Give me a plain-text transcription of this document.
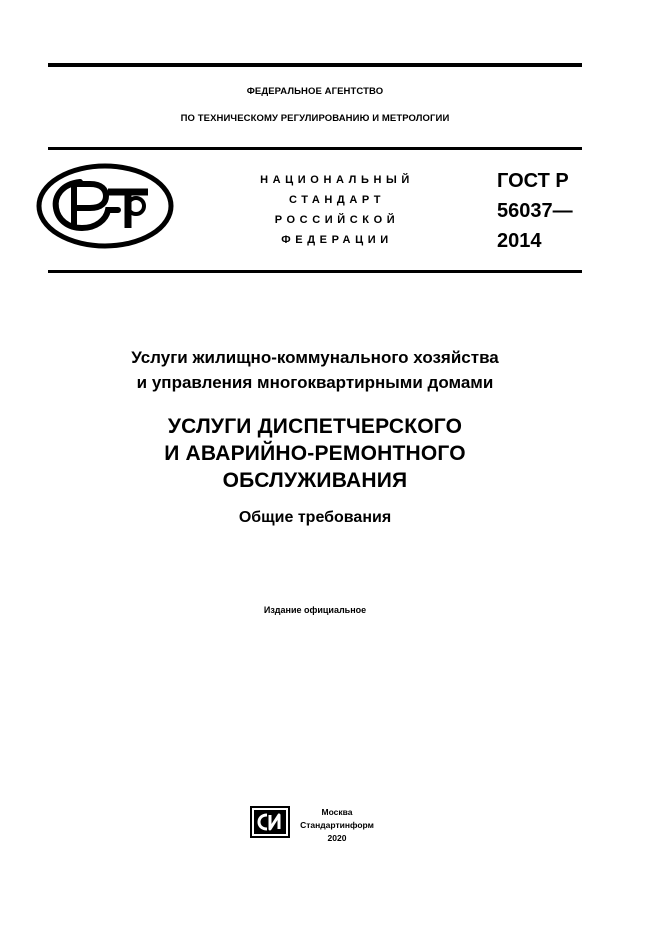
ФЕДЕРАЛЬНОЕ АГЕНТСТВО
ПО ТЕХНИЧЕСКОМУ РЕГУЛИРОВАНИЮ И МЕТРОЛОГИИ
НАЦИОНАЛЬНЫЙ
СТАНДАРТ
РОССИЙСКОЙ
ФЕДЕРАЦИИ
ГОСТ Р
56037—
2014
Услуги жилищно-коммунального хозяйства
и управления многоквартирными домами
УСЛУГИ ДИСПЕТЧЕРСКОГО
И АВАРИЙНО-РЕМОНТНОГО
ОБСЛУЖИВАНИЯ
Общие требования
Издание официальное
Москва
Стандартинформ
2020
